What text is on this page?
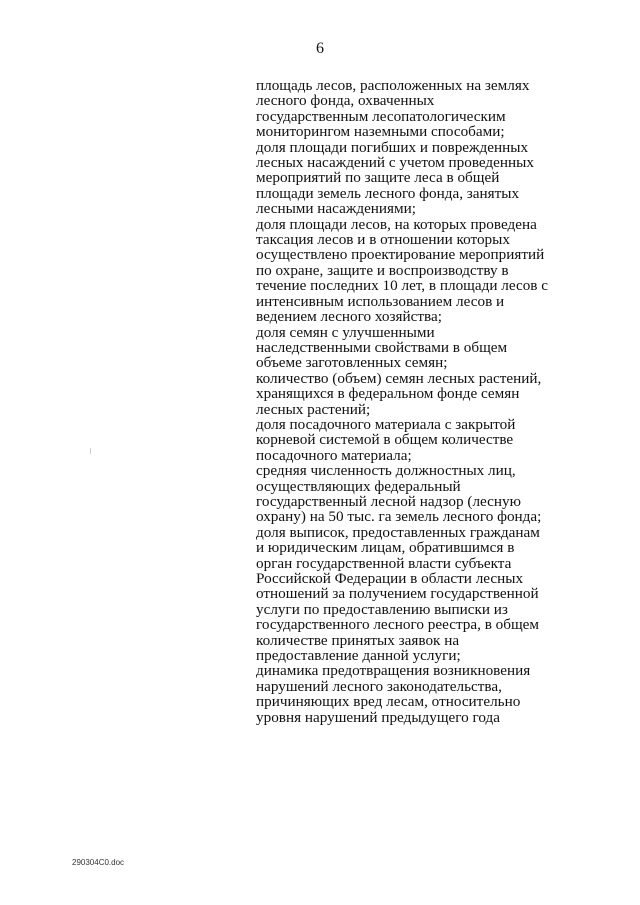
6
площадь лесов, расположенных на землях
лесного фонда, охваченных
государственным лесопатологическим
мониторингом наземными способами;
доля площади погибших и поврежденных
лесных насаждений с учетом проведенных
мероприятий по защите леса в общей
площади земель лесного фонда, занятых
лесными насаждениями;
доля площади лесов, на которых проведена
таксация лесов и в отношении которых
осуществлено проектирование мероприятий
по охране, защите и воспроизводству в
течение последних 10 лет, в площади лесов с
интенсивным использованием лесов и
ведением лесного хозяйства;
доля семян с улучшенными
наследственными свойствами в общем
объеме заготовленных семян;
количество (объем) семян лесных растений,
хранящихся в федеральном фонде семян
лесных растений;
доля посадочного материала с закрытой
корневой системой в общем количестве
посадочного материала;
средняя численность должностных лиц,
осуществляющих федеральный
государственный лесной надзор (лесную
охрану) на 50 тыс. га земель лесного фонда;
доля выписок, предоставленных гражданам
и юридическим лицам, обратившимся в
орган государственной власти субъекта
Российской Федерации в области лесных
отношений за получением государственной
услуги по предоставлению выписки из
государственного лесного реестра, в общем
количестве принятых заявок на
предоставление данной услуги;
динамика предотвращения возникновения
нарушений лесного законодательства,
причиняющих вред лесам, относительно
уровня нарушений предыдущего года
290304C0.doc
